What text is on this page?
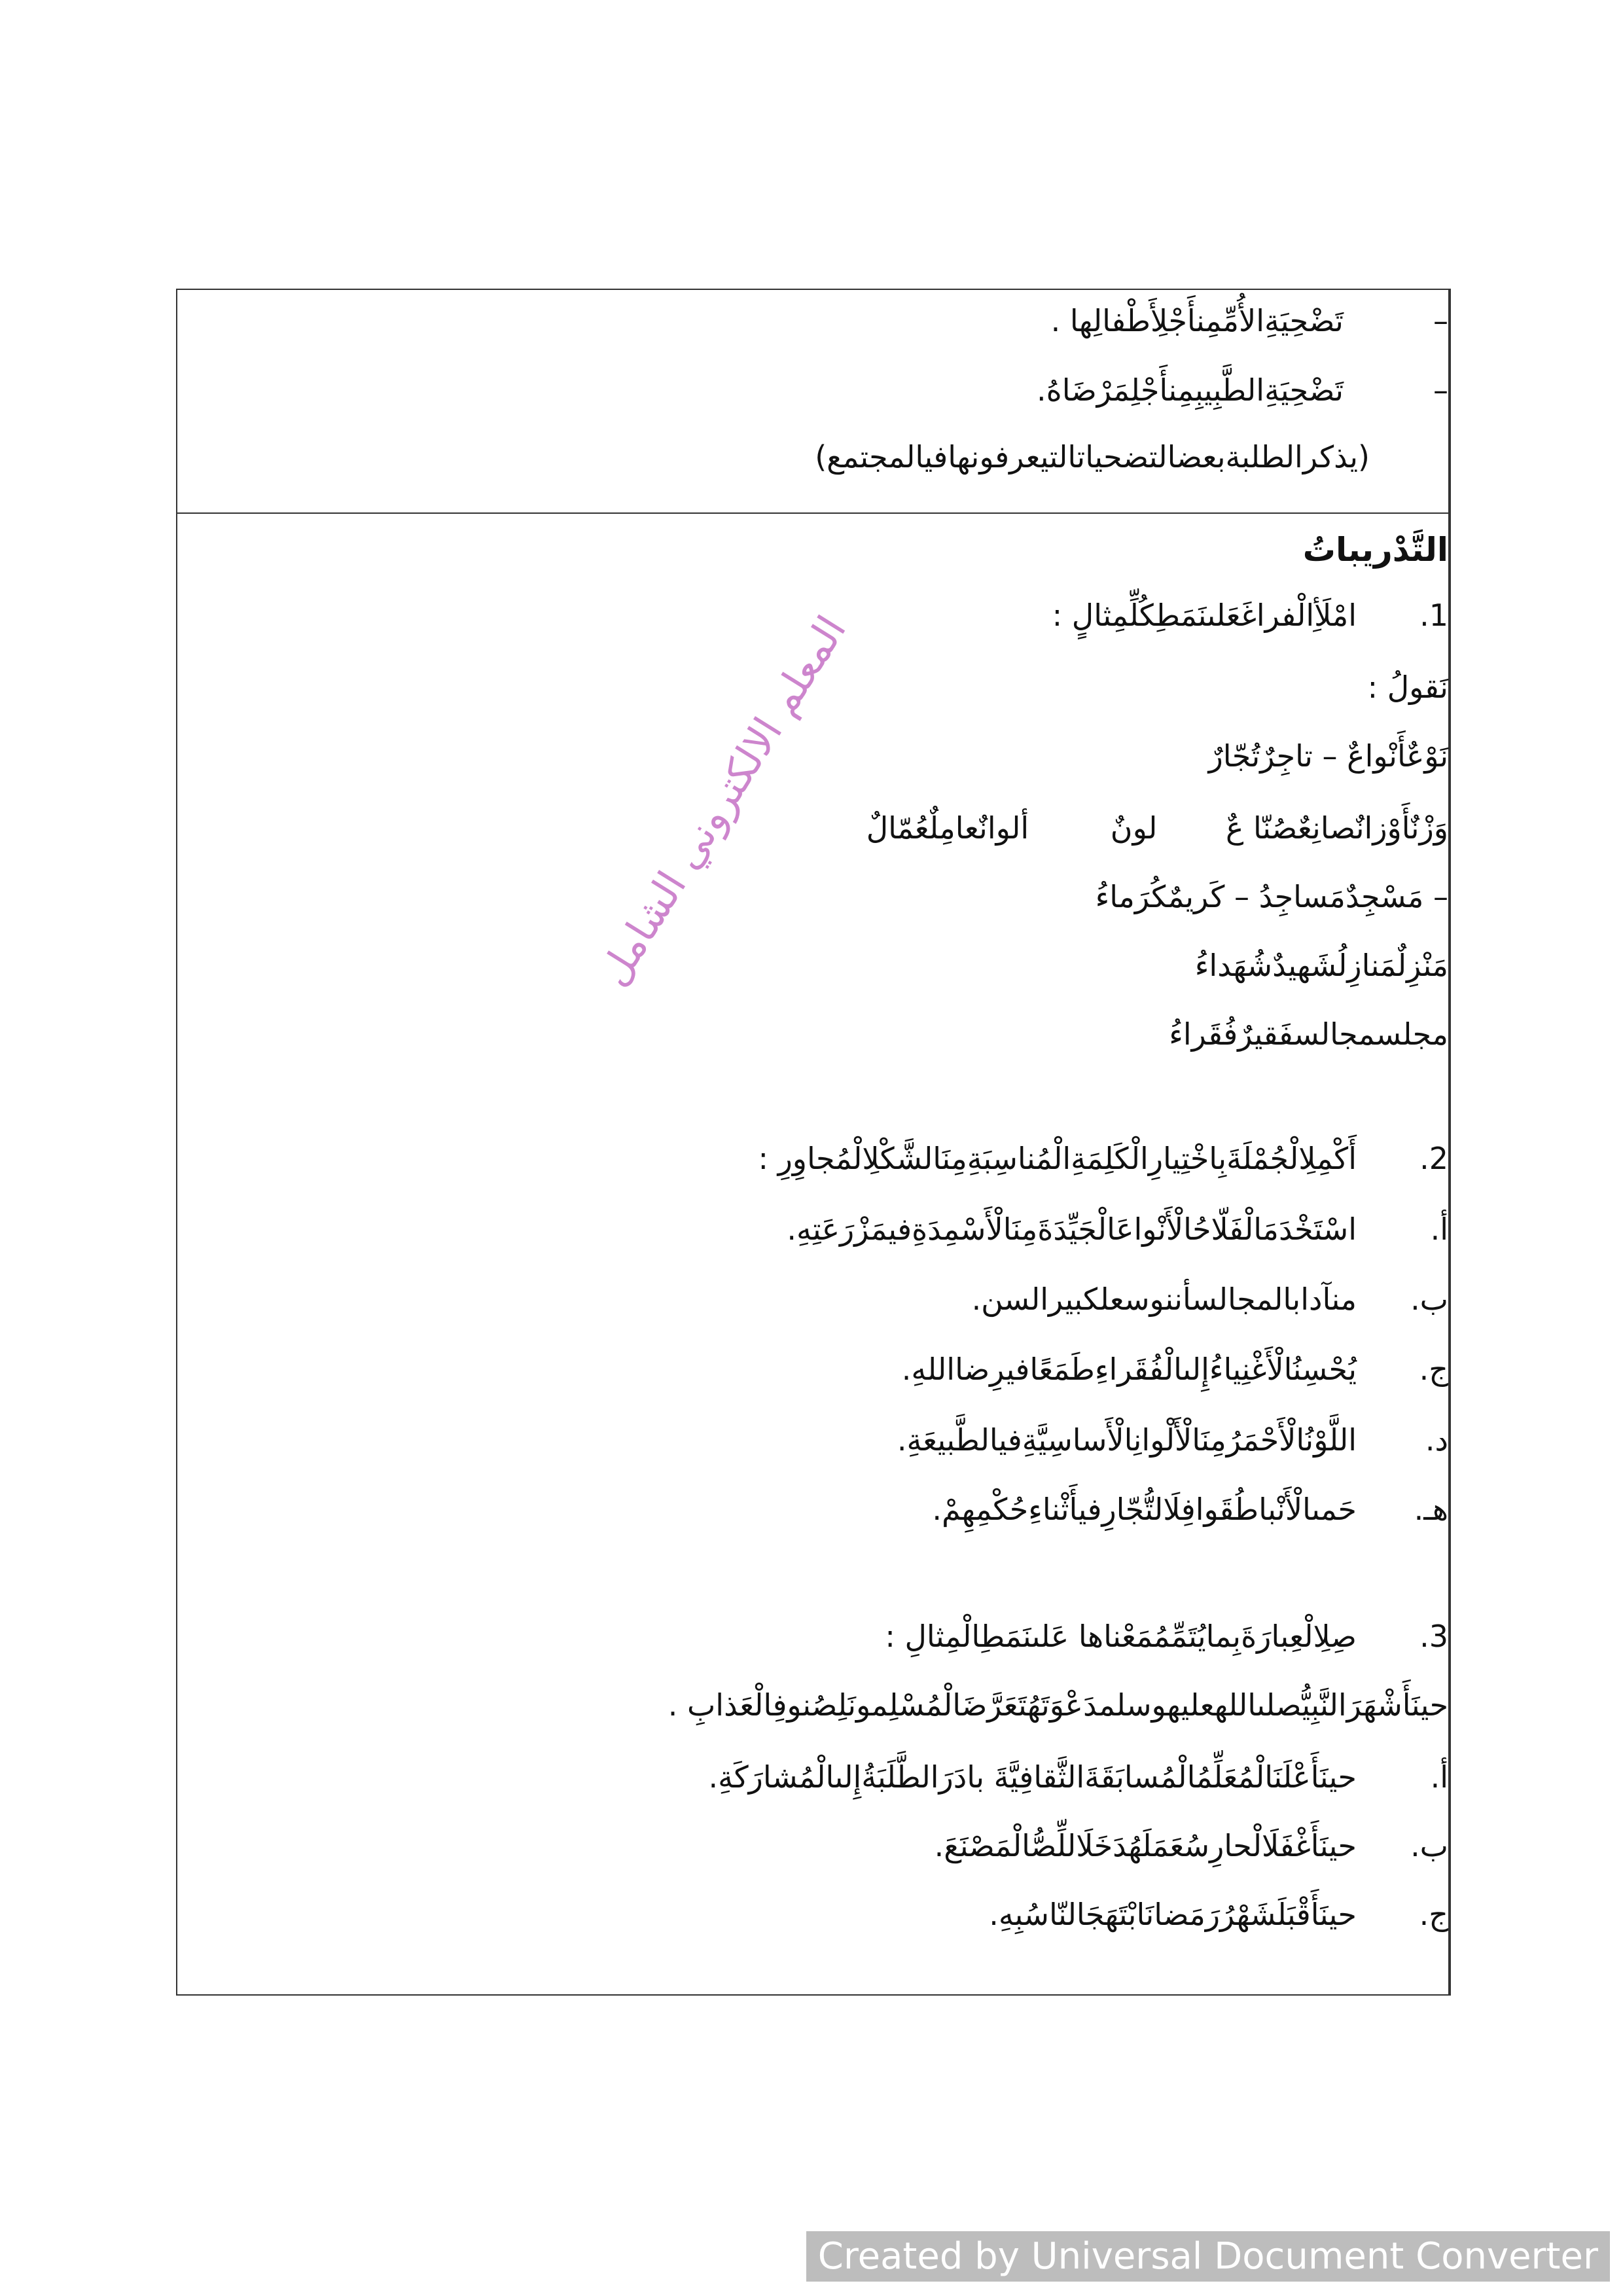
–
تَضْحِيَةِالأُمِّمِنأَجْلِأَطْفالِها .
–
تَضْحِيَةِالطَّبِيبِمِنأَجْلِمَرْضَاهُ.
(يذكرالطلبةبعضالتضحياتالتيعرفونهافيالمجتمع)
التَّدْريباتُ
1.امْلَأِالْفراغَعَلىنَمَطِكُلِّمِثالٍ :
نَقولُ :
نَوْعٌأَنْواعٌ – تاجِرٌتُجّارٌ
وَزْنٌأَوْزانٌصانِعٌصُنّا عٌ لونٌ ألوانٌعامِلٌعُمّالٌ
– مَسْجِدٌمَساجِدُ – كَريمٌكُرَماءُ
مَنْزِلٌمَنازِلُشَهيدٌشُهَداءُ
مجلسمجالسفَقيرٌفُقَراءُ
2.أَكْمِلِالْجُمْلَةَبِاخْتِيارِالْكَلِمَةِالْمُناسِبَةِمِنَالشَّكْلِالْمُجاوِرِ :
أ.اسْتَخْدَمَالْفَلّاحُالْأَنْواعَالْجَيِّدَةَمِنَالْأَسْمِدَةِفيمَزْرَعَتِهِ.
ب.منآدابالمجالسأننوسعلكبيرالسن.
ج.يُحْسِنُالْأَغْنِياءُإِلىالْفُقَراءِطَمَعًافيرِضااللهِ.
د.اللَّوْنُالْأَحْمَرُمِنَالْأَلْوانِالْأَساسِيَّةِفيالطَّبيعَةِ.
هـ.حَمىالْأَنْباطُقَوافِلَالتُّجّارِفيأَثْناءِحُكْمِهِمْ.
3.صِلِالْعِبارَةَبِمايُتَمِّمُمَعْناها عَلىنَمَطِالْمِثالِ :
حينَأَشْهَرَالنَّبِيُّصلىاللهعليهوسلمدَعْوَتَهُتَعَرَّضَالْمُسْلِمونَلِصُنوفِالْعَذابِ .
أ.حينَأَعْلَنَالْمُعَلِّمُالْمُسابَقَةَالثَّقافِيَّةَ بادَرَالطَّلَبَةُإِلىالْمُشارَكَةِ.
ب.حينَأَغْفَلَالْحارِسُعَمَلَهُدَخَلَاللِّصُّالْمَصْنَعَ.
ج.حينَأَقْبَلَشَهْرُرَمَضانَابْتَهَجَالنّاسُبِهِ.
المعلم الالكتروني الشامل
Created by Universal Document Converter
